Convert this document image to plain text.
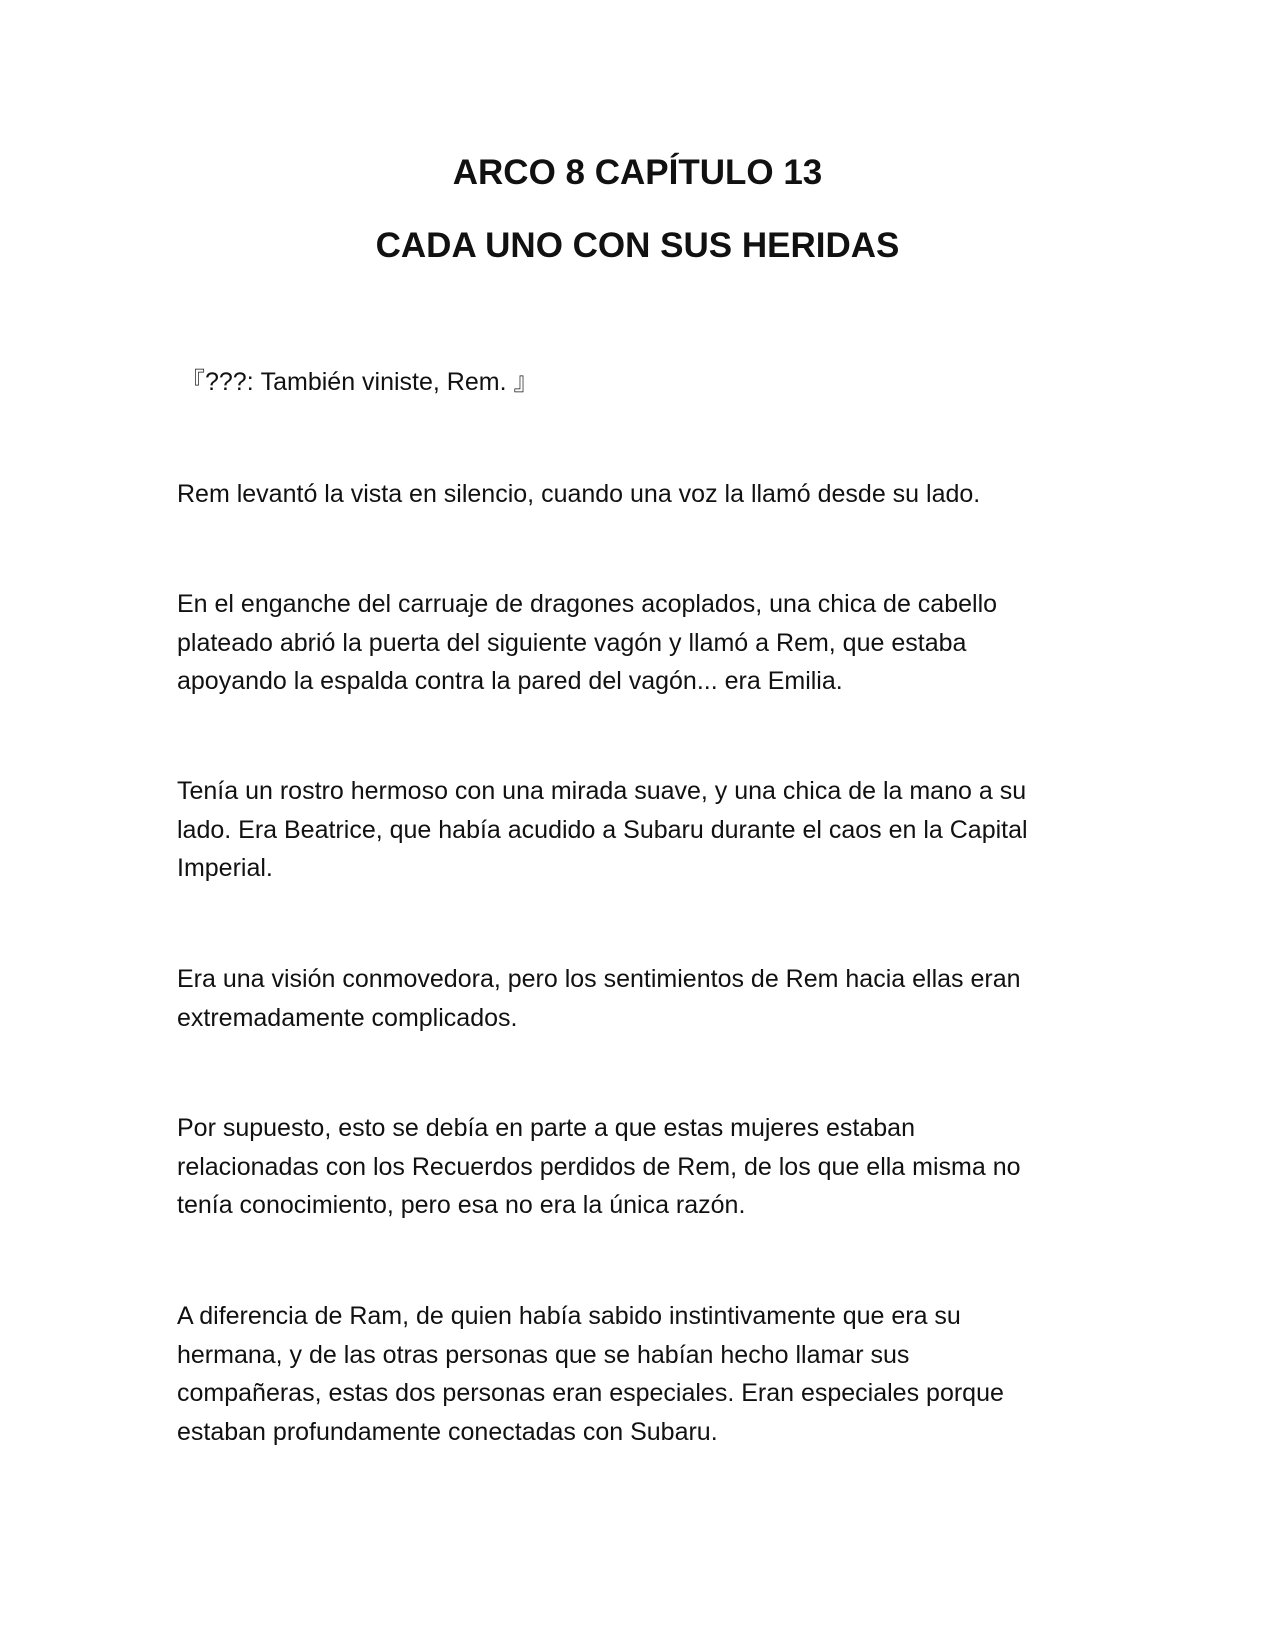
ARCO 8 CAPÍTULO 13
CADA UNO CON SUS HERIDAS

『???: También viniste, Rem. 』

Rem levantó la vista en silencio, cuando una voz la llamó desde su lado.

En el enganche del carruaje de dragones acoplados, una chica de cabello
plateado abrió la puerta del siguiente vagón y llamó a Rem, que estaba
apoyando la espalda contra la pared del vagón... era Emilia.

Tenía un rostro hermoso con una mirada suave, y una chica de la mano a su
lado. Era Beatrice, que había acudido a Subaru durante el caos en la Capital
Imperial.

Era una visión conmovedora, pero los sentimientos de Rem hacia ellas eran
extremadamente complicados.

Por supuesto, esto se debía en parte a que estas mujeres estaban
relacionadas con los Recuerdos perdidos de Rem, de los que ella misma no
tenía conocimiento, pero esa no era la única razón.

A diferencia de Ram, de quien había sabido instintivamente que era su
hermana, y de las otras personas que se habían hecho llamar sus
compañeras, estas dos personas eran especiales. Eran especiales porque
estaban profundamente conectadas con Subaru.
